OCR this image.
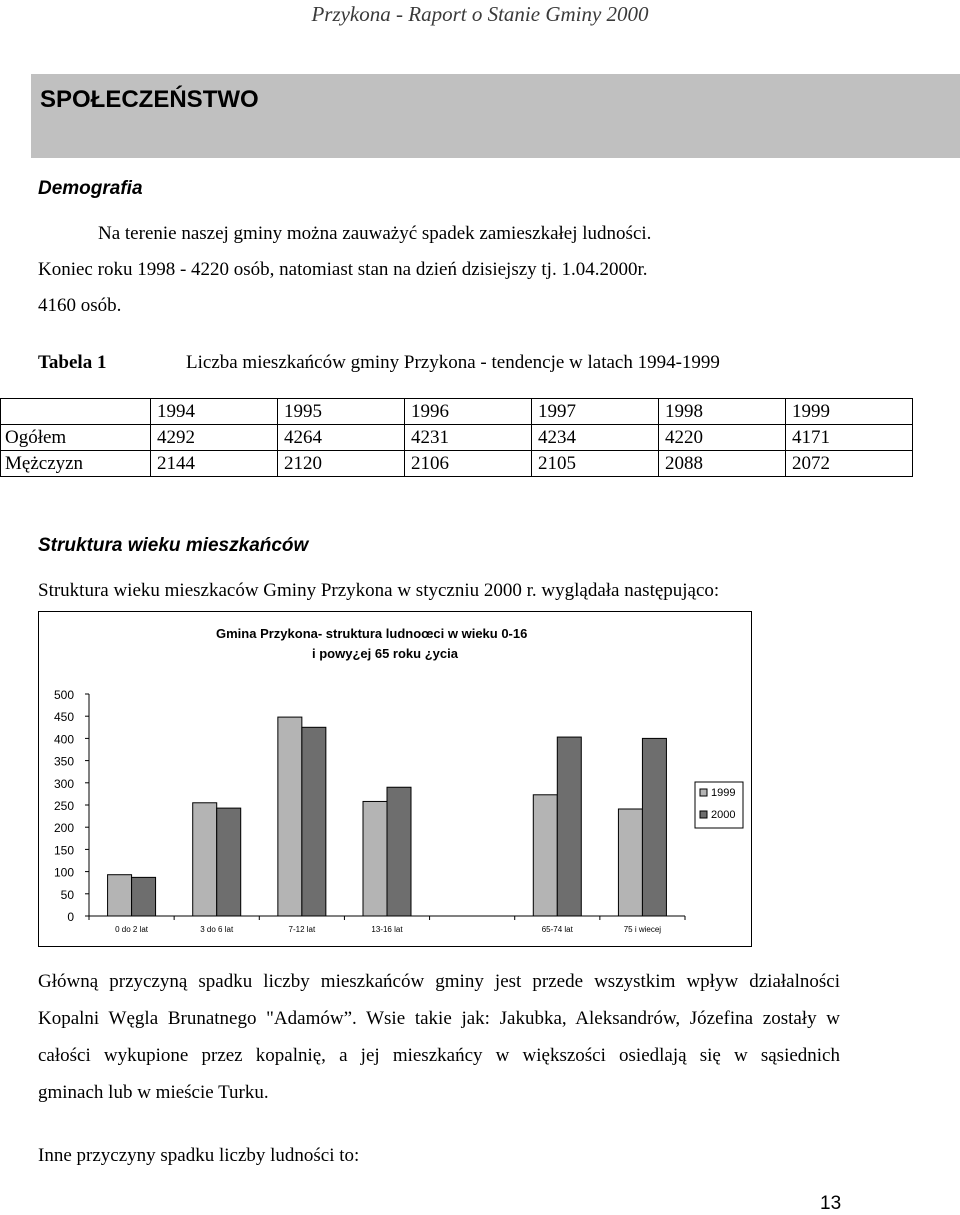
Przykona - Raport o Stanie Gminy 2000
SPOŁECZEŃSTWO
Demografia
Na terenie naszej gminy można zauważyć spadek zamieszkałej ludności.
Koniec roku 1998 - 4220 osób, natomiast stan na dzień dzisiejszy tj. 1.04.2000r.
4160 osób.
Tabela 1	Liczba mieszkańców gminy Przykona - tendencje w latach 1994-1999
	1994	1995	1996	1997	1998	1999
Ogółem	4292	4264	4231	4234	4220	4171
Mężczyzn	2144	2120	2106	2105	2088	2072
Struktura wieku mieszkańców
Struktura wieku mieszkaców Gminy Przykona w styczniu 2000 r. wyglądała następująco:
Gmina Przykona- struktura ludnoœci w wieku 0-16
i powy¿ej 65 roku ¿ycia
0
50
100
150
200
250
300
350
400
450
500
0 do 2 lat	3 do 6 lat	7-12 lat	13-16 lat	65-74 lat	75 i wiecej
1999
2000
Główną przyczyną spadku liczby mieszkańców gminy jest przede wszystkim wpływ działalności
Kopalni Węgla Brunatnego "Adamów”. Wsie takie jak: Jakubka, Aleksandrów, Józefina zostały w
całości wykupione przez kopalnię, a jej mieszkańcy w większości osiedlają się w sąsiednich
gminach lub w mieście Turku.
Inne przyczyny spadku liczby ludności to:
13
